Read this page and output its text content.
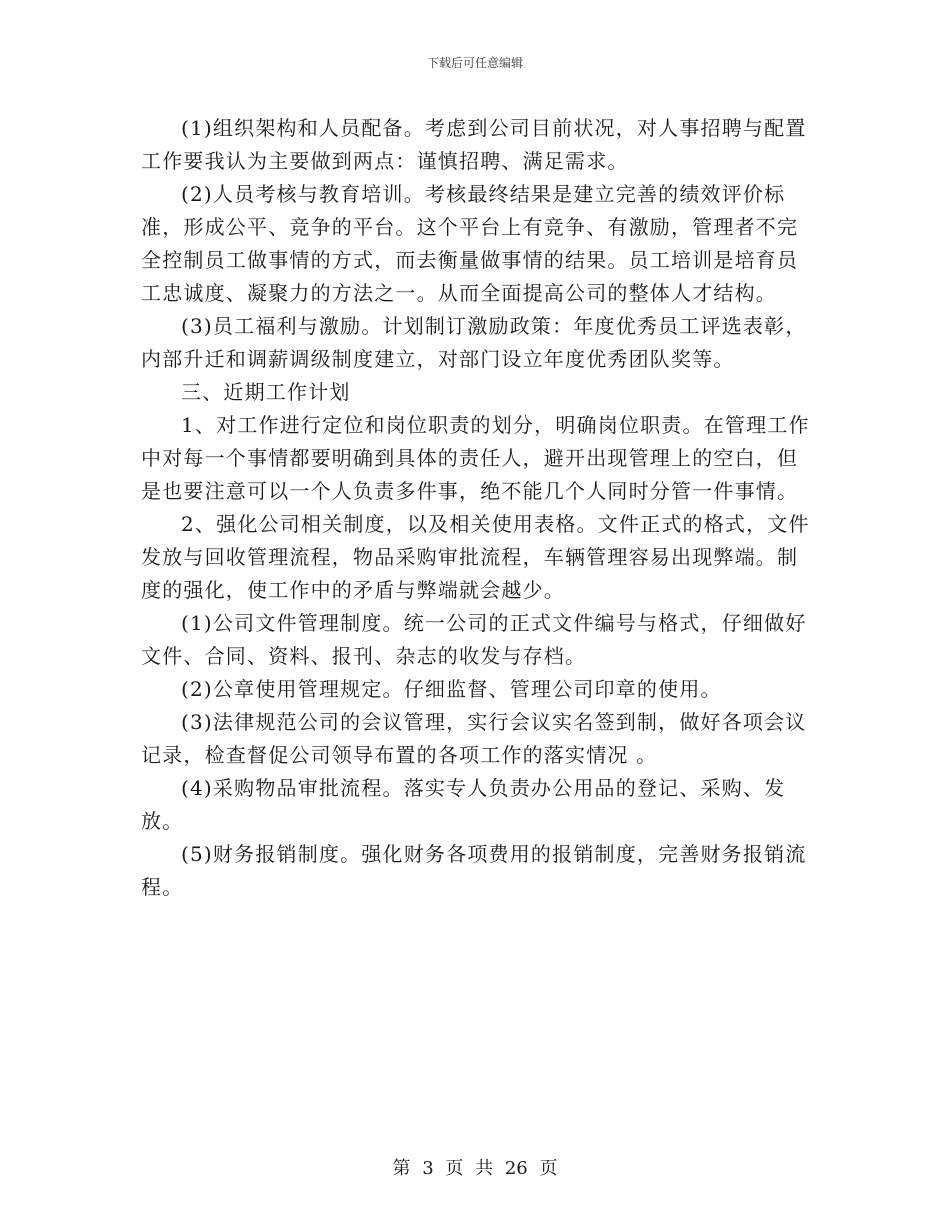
下载后可任意编辑

(1)组织架构和人员配备。考虑到公司目前状况，对人事招聘与配置工作要我认为主要做到两点：谨慎招聘、满足需求。

(2)人员考核与教育培训。考核最终结果是建立完善的绩效评价标准，形成公平、竞争的平台。这个平台上有竞争、有激励，管理者不完全控制员工做事情的方式，而去衡量做事情的结果。员工培训是培育员工忠诚度、凝聚力的方法之一。从而全面提高公司的整体人才结构。

(3)员工福利与激励。计划制订激励政策：年度优秀员工评选表彰，内部升迁和调薪调级制度建立，对部门设立年度优秀团队奖等。

三、近期工作计划

1、对工作进行定位和岗位职责的划分，明确岗位职责。在管理工作中对每一个事情都要明确到具体的责任人，避开出现管理上的空白，但是也要注意可以一个人负责多件事，绝不能几个人同时分管一件事情。

2、强化公司相关制度，以及相关使用表格。文件正式的格式，文件发放与回收管理流程，物品采购审批流程，车辆管理容易出现弊端。制度的强化，使工作中的矛盾与弊端就会越少。

(1)公司文件管理制度。统一公司的正式文件编号与格式，仔细做好文件、合同、资料、报刊、杂志的收发与存档。

(2)公章使用管理规定。仔细监督、管理公司印章的使用。

(3)法律规范公司的会议管理，实行会议实名签到制，做好各项会议记录，检查督促公司领导布置的各项工作的落实情况 。

(4)采购物品审批流程。落实专人负责办公用品的登记、采购、发放。

(5)财务报销制度。强化财务各项费用的报销制度，完善财务报销流程。

第 3 页 共 26 页
